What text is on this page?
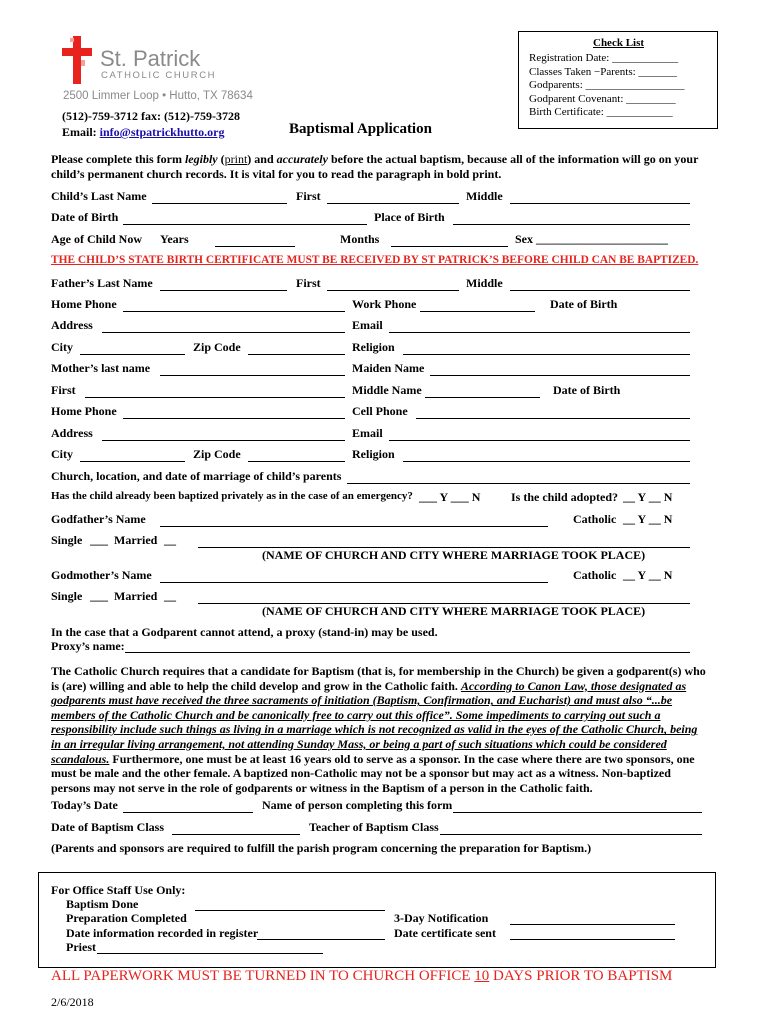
St. Patrick
CATHOLIC CHURCH
2500 Limmer Loop • Hutto, TX 78634
(512)-759-3712 fax: (512)-759-3728
Email: info@stpatrickhutto.org	Baptismal Application
Check List
Registration Date: ____________
Classes Taken −Parents: _______
Godparents: __________________
Godparent Covenant: _________
Birth Certificate: ____________
Please complete this form legibly (print) and accurately before the actual baptism, because all of the information will go on your child’s permanent church records. It is vital for you to read the paragraph in bold print.
Child’s Last Name	First	Middle
Date of Birth	Place of Birth
Age of Child Now Years	Months	Sex ______________________
THE CHILD’S STATE BIRTH CERTIFICATE MUST BE RECEIVED BY ST PATRICK’S BEFORE CHILD CAN BE BAPTIZED.
Father’s Last Name	First	Middle
Home Phone	Work Phone	Date of Birth
Address	Email
City	Zip Code	Religion
Mother’s last name	Maiden Name
First	Middle Name	Date of Birth
Home Phone	Cell Phone
Address	Email
City	Zip Code	Religion
Church, location, and date of marriage of child’s parents
Has the child already been baptized privately as in the case of an emergency? ___ Y ___ N	Is the child adopted? __ Y __ N
Godfather’s Name	Catholic __ Y __ N
Single ___ Married __
(NAME OF CHURCH AND CITY WHERE MARRIAGE TOOK PLACE)
Godmother’s Name	Catholic __ Y __ N
Single ___ Married __
(NAME OF CHURCH AND CITY WHERE MARRIAGE TOOK PLACE)
In the case that a Godparent cannot attend, a proxy (stand-in) may be used.
Proxy’s name:
The Catholic Church requires that a candidate for Baptism (that is, for membership in the Church) be given a godparent(s) who is (are) willing and able to help the child develop and grow in the Catholic faith. According to Canon Law, those designated as godparents must have received the three sacraments of initiation (Baptism, Confirmation, and Eucharist) and must also “...be members of the Catholic Church and be canonically free to carry out this office”. Some impediments to carrying out such a responsibility include such things as living in a marriage which is not recognized as valid in the eyes of the Catholic Church, being in an irregular living arrangement, not attending Sunday Mass, or being a part of such situations which could be considered scandalous. Furthermore, one must be at least 16 years old to serve as a sponsor. In the case where there are two sponsors, one must be male and the other female. A baptized non-Catholic may not be a sponsor but may act as a witness. Non-baptized persons may not serve in the role of godparents or witness in the Baptism of a person in the Catholic faith.
Today’s Date	Name of person completing this form
Date of Baptism Class	Teacher of Baptism Class
(Parents and sponsors are required to fulfill the parish program concerning the preparation for Baptism.)
For Office Staff Use Only:
Baptism Done
Preparation Completed	3-Day Notification
Date information recorded in register	Date certificate sent
Priest
ALL PAPERWORK MUST BE TURNED IN TO CHURCH OFFICE 10 DAYS PRIOR TO BAPTISM
2/6/2018
